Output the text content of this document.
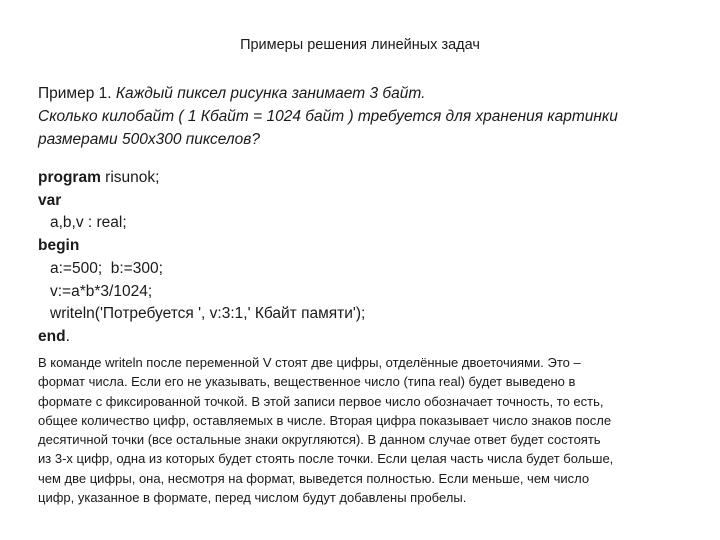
Примеры решения линейных задач

Пример 1. Каждый пиксел рисунка занимает 3 байт.
Сколько килобайт ( 1 Кбайт = 1024 байт ) требуется для хранения картинки
размерами 500х300 пикселов?

program risunok;
var
a,b,v : real;
begin
a:=500;  b:=300;
v:=a*b*3/1024;
writeln('Потребуется ', v:3:1,' Кбайт памяти');
end.

В команде writeln после переменной V стоят две цифры, отделённые двоеточиями. Это –
формат числа. Если его не указывать, вещественное число (типа real) будет выведено в
формате с фиксированной точкой. В этой записи первое число обозначает точность, то есть,
общее количество цифр, оставляемых в числе. Вторая цифра показывает число знаков после
десятичной точки (все остальные знаки округляются). В данном случае ответ будет состоять
из 3-х цифр, одна из которых будет стоять после точки. Если целая часть числа будет больше,
чем две цифры, она, несмотря на формат, выведется полностью. Если меньше, чем число
цифр, указанное в формате, перед числом будут добавлены пробелы.
